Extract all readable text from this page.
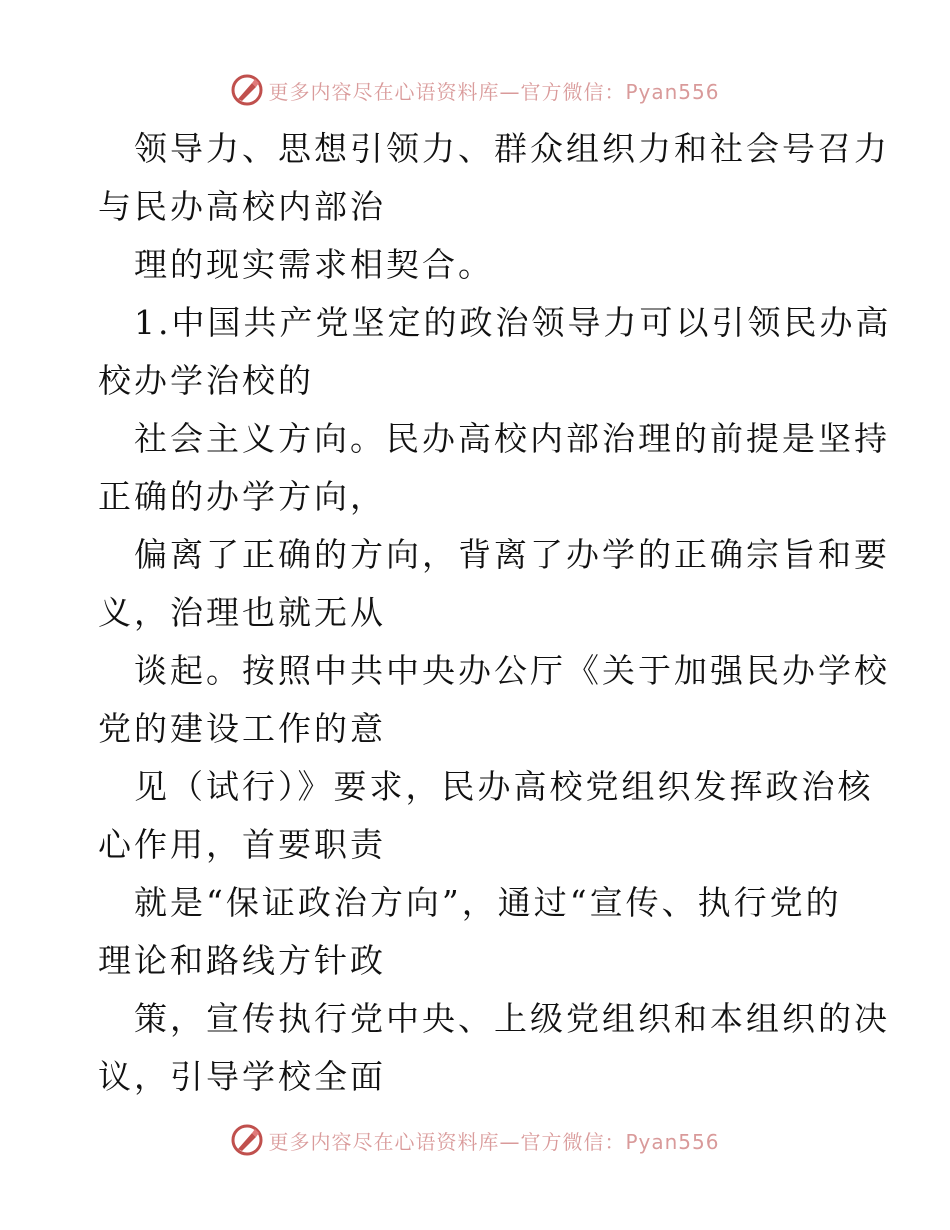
更多内容尽在心语资料库—官方微信：Pyan556
领导力、思想引领力、群众组织力和社会号召力
与民办高校内部治
理的现实需求相契合。
1.中国共产党坚定的政治领导力可以引领民办高
校办学治校的
社会主义方向。民办高校内部治理的前提是坚持
正确的办学方向，
偏离了正确的方向，背离了办学的正确宗旨和要
义，治理也就无从
谈起。按照中共中央办公厅《关于加强民办学校
党的建设工作的意
见（试行）》要求，民办高校党组织发挥政治核
心作用，首要职责
就是“保证政治方向”，通过“宣传、执行党的
理论和路线方针政
策，宣传执行党中央、上级党组织和本组织的决
议，引导学校全面
更多内容尽在心语资料库—官方微信：Pyan556
